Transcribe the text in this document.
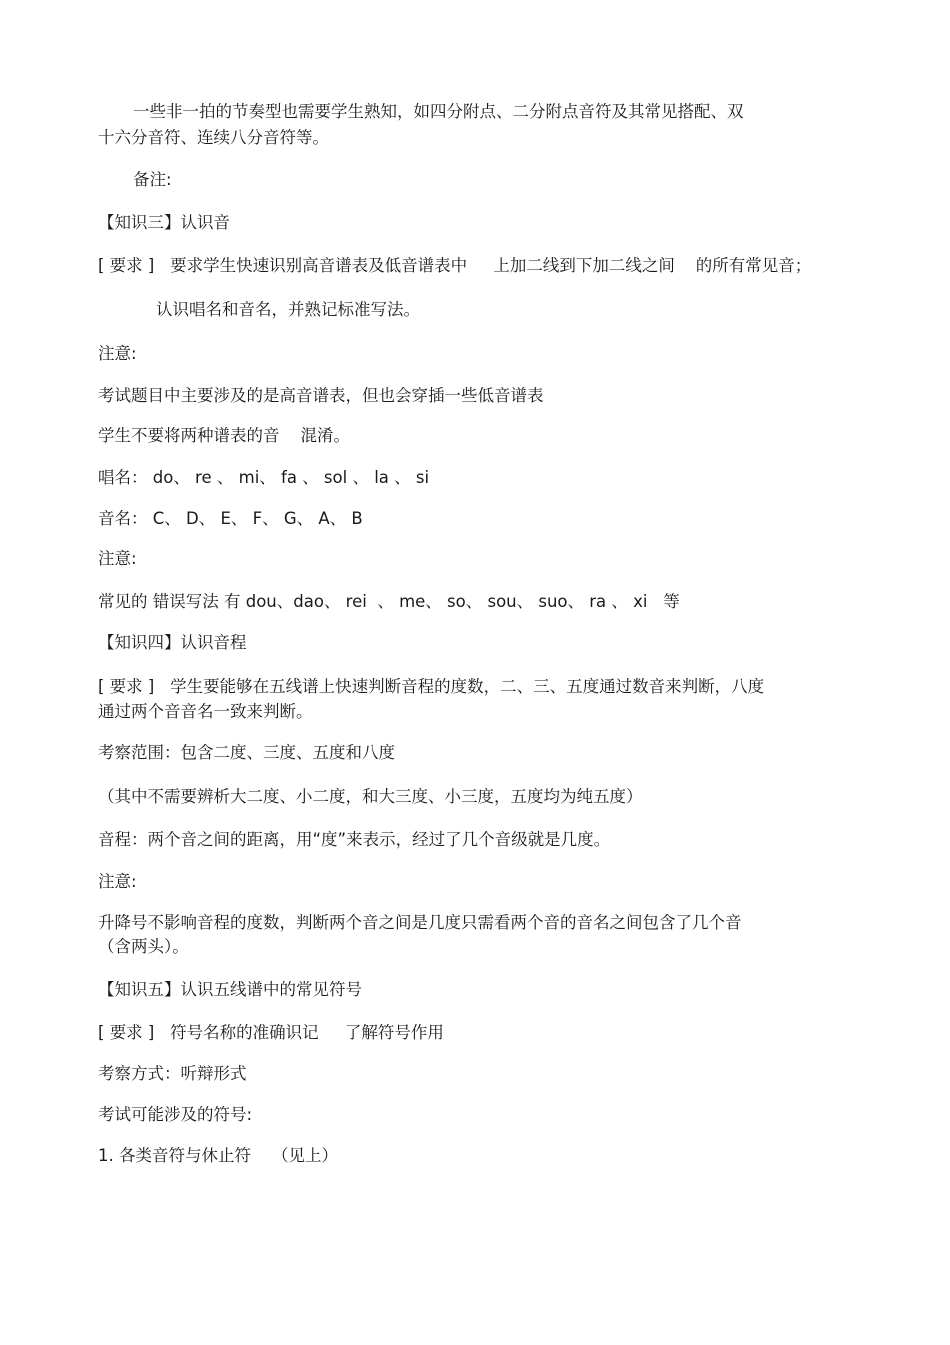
一些非一拍的节奏型也需要学生熟知，如四分附点、二分附点音符及其常见搭配、双
十六分音符、连续八分音符等。
备注:
【知识三】认识音
[ 要求 ]   要求学生快速识别高音谱表及低音谱表中     上加二线到下加二线之间    的所有常见音；
认识唱名和音名，并熟记标准写法。
注意:
考试题目中主要涉及的是高音谱表，但也会穿插一些低音谱表
学生不要将两种谱表的音    混淆。
唱名： do、 re 、 mi、 fa 、 sol 、 la 、 si
音名： C、 D、 E、 F、 G、 A、 B
注意:
常见的 错误写法 有 dou、dao、 rei  、 me、 so、 sou、 suo、 ra 、 xi   等
【知识四】认识音程
[ 要求 ]   学生要能够在五线谱上快速判断音程的度数，二、三、五度通过数音来判断，八度
通过两个音音名一致来判断。
考察范围：包含二度、三度、五度和八度
（其中不需要辨析大二度、小二度，和大三度、小三度，五度均为纯五度）
音程：两个音之间的距离，用“度”来表示，经过了几个音级就是几度。
注意:
升降号不影响音程的度数，判断两个音之间是几度只需看两个音的音名之间包含了几个音
（含两头）。
【知识五】认识五线谱中的常见符号
[ 要求 ]   符号名称的准确识记     了解符号作用
考察方式：听辩形式
考试可能涉及的符号:
1. 各类音符与休止符    （见上）
